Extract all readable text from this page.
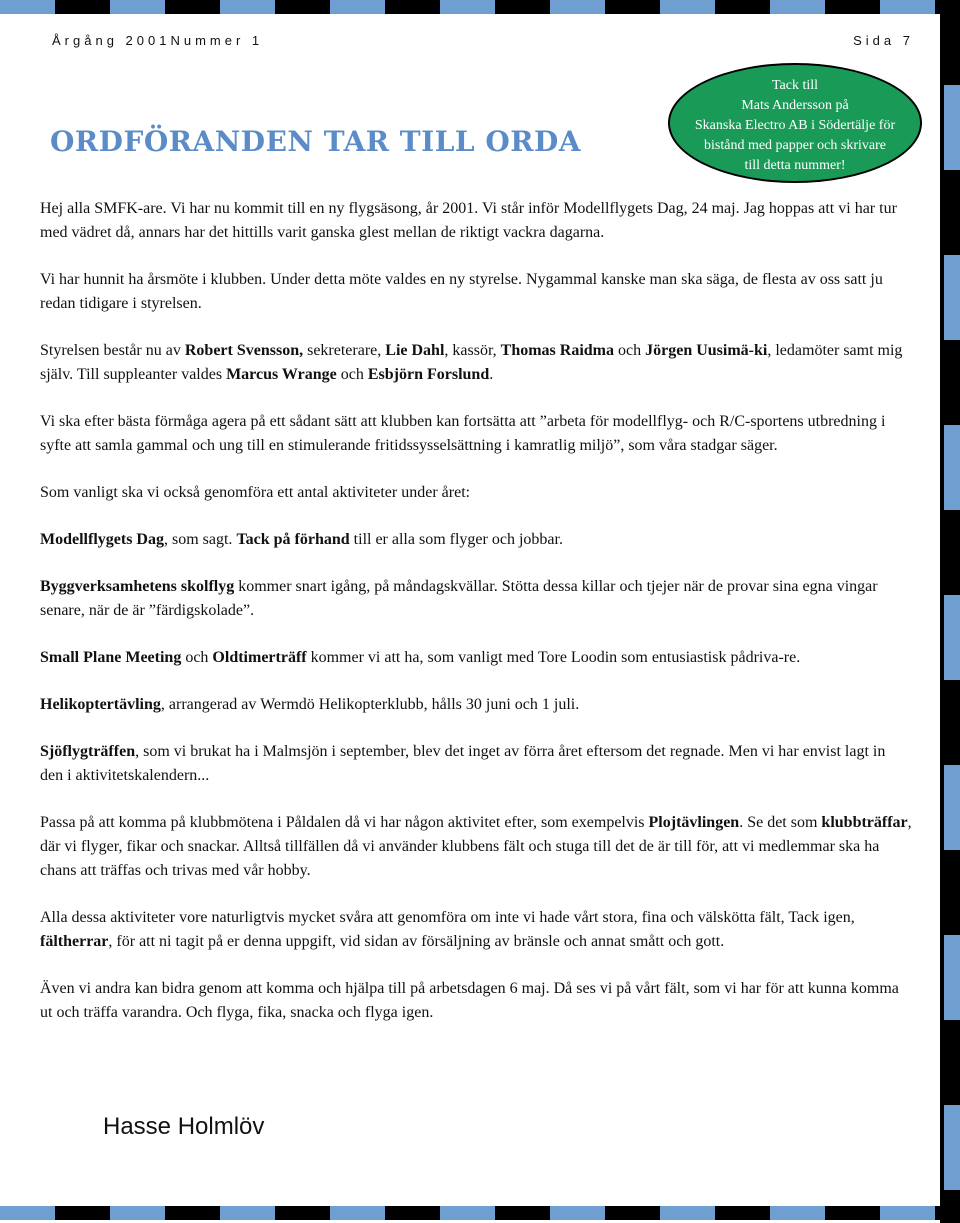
Årgång 2001Nummer 1	Sida 7
ORDFÖRANDEN TAR TILL ORDA
Tack till
Mats Andersson på
Skanska Electro AB i Södertälje för
bistånd med papper och skrivare
till detta nummer!

Hej alla SMFK-are. Vi har nu kommit till en ny flygsäsong, år 2001. Vi står inför Modellflygets Dag, 24 maj. Jag hoppas att vi har tur med vädret då, annars har det hittills varit ganska glest mellan de riktigt vackra dagarna.

Vi har hunnit ha årsmöte i klubben. Under detta möte valdes en ny styrelse. Nygammal kanske man ska säga, de flesta av oss satt ju redan tidigare i styrelsen.

Styrelsen består nu av Robert Svensson, sekreterare, Lie Dahl, kassör, Thomas Raidma och Jörgen Uusimä-ki, ledamöter samt mig själv. Till suppleanter valdes Marcus Wrange och Esbjörn Forslund.

Vi ska efter bästa förmåga agera på ett sådant sätt att klubben kan fortsätta att ”arbeta för modellflyg- och R/C-sportens utbredning i syfte att samla gammal och ung till en stimulerande fritidssysselsättning i kamratlig miljö”, som våra stadgar säger.

Som vanligt ska vi också genomföra ett antal aktiviteter under året:

Modellflygets Dag, som sagt. Tack på förhand till er alla som flyger och jobbar.

Byggverksamhetens skolflyg kommer snart igång, på måndagskvällar. Stötta dessa killar och tjejer när de provar sina egna vingar senare, när de är ”färdigskolade”.

Small Plane Meeting och Oldtimerträff kommer vi att ha, som vanligt med Tore Loodin som entusiastisk pådriva-re.

Helikoptertävling, arrangerad av Wermdö Helikopterklubb, hålls 30 juni och 1 juli.

Sjöflygträffen, som vi brukat ha i Malmsjön i september, blev det inget av förra året eftersom det regnade. Men vi har envist lagt in den i aktivitetskalendern...

Passa på att komma på klubbmötena i Påldalen då vi har någon aktivitet efter, som exempelvis Plojtävlingen. Se det som klubbträffar, där vi flyger, fikar och snackar. Alltså tillfällen då vi använder klubbens fält och stuga till det de är till för, att vi medlemmar ska ha chans att träffas och trivas med vår hobby.

Alla dessa aktiviteter vore naturligtvis mycket svåra att genomföra om inte vi hade vårt stora, fina och välskötta fält, Tack igen, fältherrar, för att ni tagit på er denna uppgift, vid sidan av försäljning av bränsle och annat smått och gott.

Även vi andra kan bidra genom att komma och hjälpa till på arbetsdagen 6 maj. Då ses vi på vårt fält, som vi har för att kunna komma ut och träffa varandra. Och flyga, fika, snacka och flyga igen.

Hasse Holmlöv
